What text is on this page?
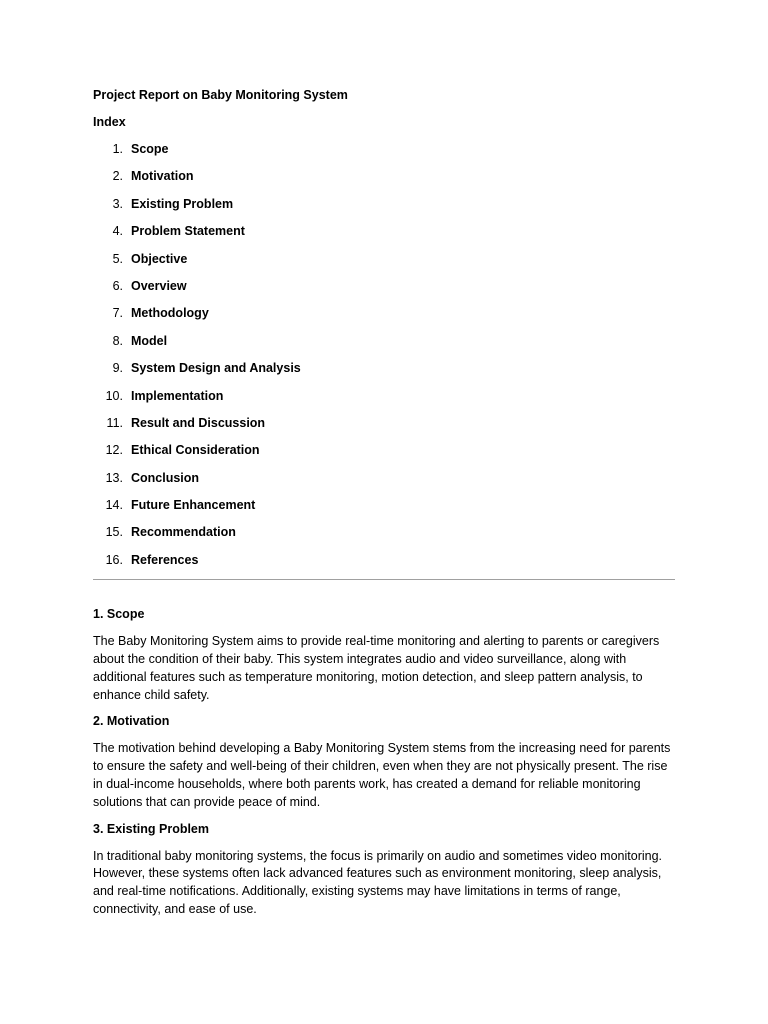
Project Report on Baby Monitoring System

Index

1. Scope
2. Motivation
3. Existing Problem
4. Problem Statement
5. Objective
6. Overview
7. Methodology
8. Model
9. System Design and Analysis
10. Implementation
11. Result and Discussion
12. Ethical Consideration
13. Conclusion
14. Future Enhancement
15. Recommendation
16. References

1. Scope

The Baby Monitoring System aims to provide real-time monitoring and alerting to parents or caregivers about the condition of their baby. This system integrates audio and video surveillance, along with additional features such as temperature monitoring, motion detection, and sleep pattern analysis, to enhance child safety.

2. Motivation

The motivation behind developing a Baby Monitoring System stems from the increasing need for parents to ensure the safety and well-being of their children, even when they are not physically present. The rise in dual-income households, where both parents work, has created a demand for reliable monitoring solutions that can provide peace of mind.

3. Existing Problem

In traditional baby monitoring systems, the focus is primarily on audio and sometimes video monitoring. However, these systems often lack advanced features such as environment monitoring, sleep analysis, and real-time notifications. Additionally, existing systems may have limitations in terms of range, connectivity, and ease of use.
